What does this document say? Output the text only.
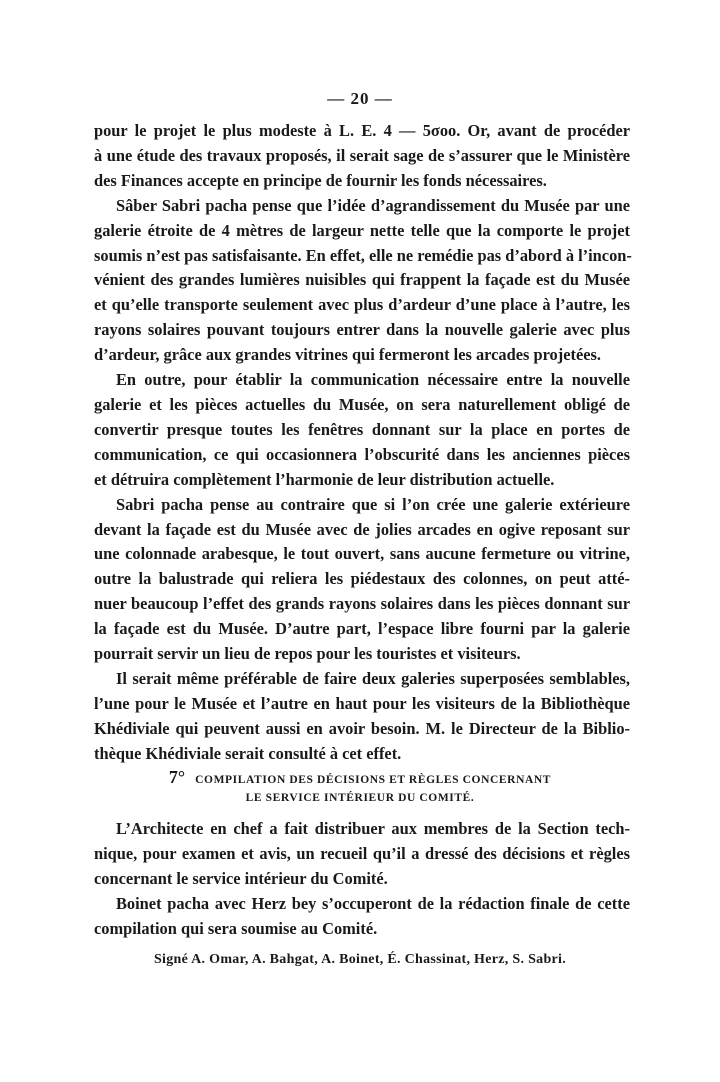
— 20 —
pour le projet le plus modeste à L. E. 4 — 5σoo. Or, avant de procéder
à une étude des travaux proposés, il serait sage de s’assurer que le Ministère
des Finances accepte en principe de fournir les fonds nécessaires.
Sâber Sabri pacha pense que l’idée d’agrandissement du Musée par une
galerie étroite de 4 mètres de largeur nette telle que la comporte le projet
soumis n’est pas satisfaisante. En effet, elle ne remédie pas d’abord à l’incon-
vénient des grandes lumières nuisibles qui frappent la façade est du Musée
et qu’elle transporte seulement avec plus d’ardeur d’une place à l’autre, les
rayons solaires pouvant toujours entrer dans la nouvelle galerie avec plus
d’ardeur, grâce aux grandes vitrines qui fermeront les arcades projetées.
En outre, pour établir la communication nécessaire entre la nouvelle
galerie et les pièces actuelles du Musée, on sera naturellement obligé de
convertir presque toutes les fenêtres donnant sur la place en portes de
communication, ce qui occasionnera l’obscurité dans les anciennes pièces
et détruira complètement l’harmonie de leur distribution actuelle.
Sabri pacha pense au contraire que si l’on crée une galerie extérieure
devant la façade est du Musée avec de jolies arcades en ogive reposant sur
une colonnade arabesque, le tout ouvert, sans aucune fermeture ou vitrine,
outre la balustrade qui reliera les piédestaux des colonnes, on peut atté-
nuer beaucoup l’effet des grands rayons solaires dans les pièces donnant sur
la façade est du Musée. D’autre part, l’espace libre fourni par la galerie
pourrait servir un lieu de repos pour les touristes et visiteurs.
Il serait même préférable de faire deux galeries superposées semblables,
l’une pour le Musée et l’autre en haut pour les visiteurs de la Bibliothèque
Khédiviale qui peuvent aussi en avoir besoin. M. le Directeur de la Biblio-
thèque Khédiviale serait consulté à cet effet.
7° COMPILATION DES DÉCISIONS ET RÈGLES CONCERNANT
LE SERVICE INTÉRIEUR DU COMITÉ.
L’Architecte en chef a fait distribuer aux membres de la Section tech-
nique, pour examen et avis, un recueil qu’il a dressé des décisions et règles
concernant le service intérieur du Comité.
Boinet pacha avec Herz bey s’occuperont de la rédaction finale de cette
compilation qui sera soumise au Comité.
Signé A. Omar, A. Bahgat, A. Boinet, É. Chassinat, Herz, S. Sabri.
